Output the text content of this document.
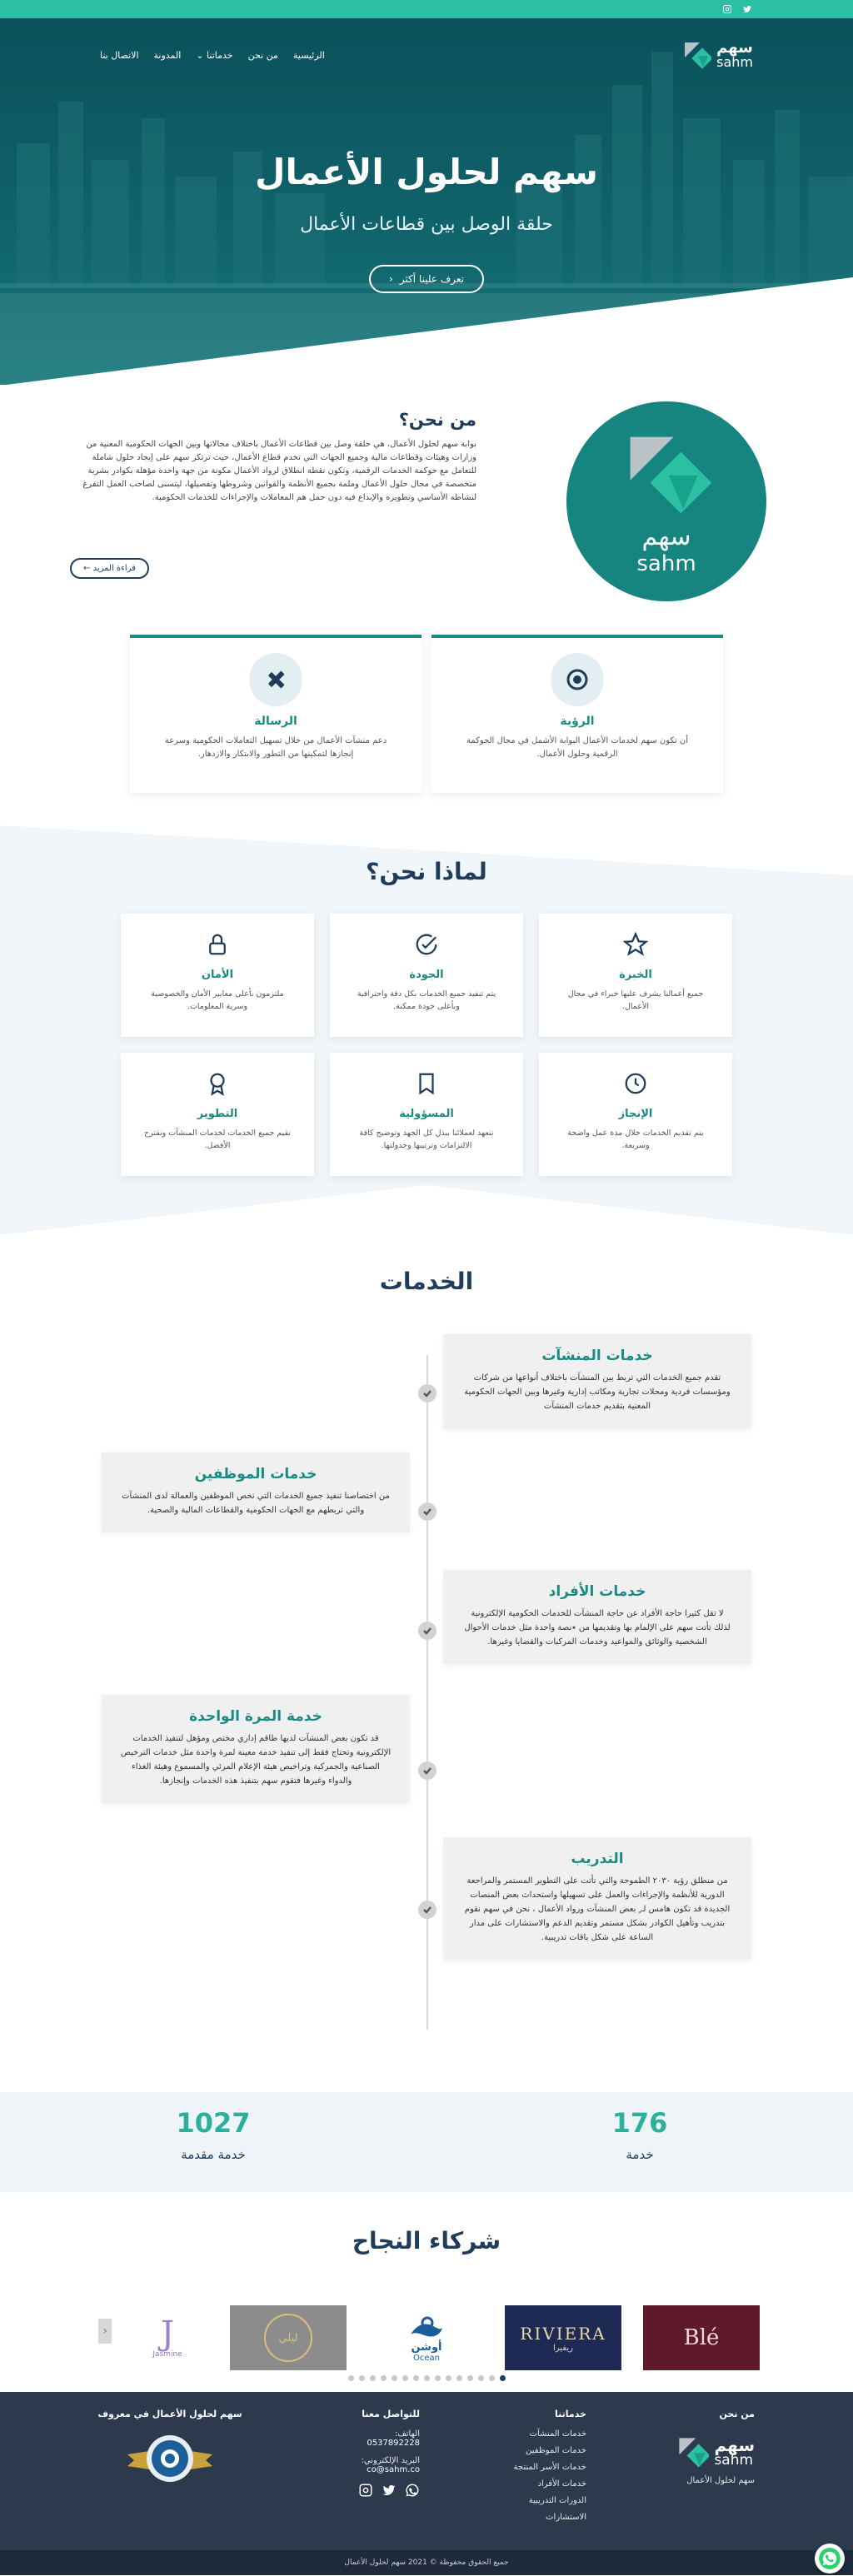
سهم
sahm
الرئيسية
من نحن
خدماتنا ⌄
المدونة
الاتصال بنا
سهم لحلول الأعمال
حلقة الوصل بين قطاعات الأعمال
تعرف علينا أكثر
‹
سهم
sahm
من نحن؟
بوابة سهم لحلول الأعمال، هي حلقة وصل بين قطاعات الأعمال باختلاف مجالاتها وبين الجهات الحكومية المعنية من وزارات وهيئات وقطاعات مالية وجميع الجهات التي تخدم قطاع الأعمال، حيث ترتكز سهم على إيجاد حلول شاملة للتعامل مع حوكمة الخدمات الرقمية، وتكون نقطة انطلاق لرواد الأعمال مكونة من جهة واحدة مؤهلة بكوادر بشرية متخصصة في مجال حلول الأعمال وملمة بجميع الأنظمة والقوانين وشروطها وتفصيلها، ليتسنى لصاحب العمل التفرغ لنشاطه الأساسي وتطويره والإبداع فيه دون حمل هم المعاملات والإجراءات للخدمات الحكومية.
قراءة المزيد ←
الرؤية
أن تكون سهم لخدمات الأعمال البوابة الأشمل في مجال الحوكمة الرقمية وحلول الأعمال.
الرسالة
دعم منشآت الأعمال من خلال تسهيل التعاملات الحكومية وسرعة إنجازها لتمكينها من التطور والابتكار والازدهار.
لماذا نحن؟
الخبرة
جميع أعمالنا يشرف عليها خبراء في مجال الأعمال.
الجودة
يتم تنفيذ جميع الخدمات بكل دقة واحترافية وبأعلى جودة ممكنة.
الأمان
ملتزمون بأعلى معايير الأمان والخصوصية وسرية المعلومات.
الإنجاز
يتم تقديم الخدمات خلال مدة عمل واضحة وسريعة.
المسؤولية
نتعهد لعملائنا ببذل كل الجهد وتوضيح كافة الالتزامات وترتيبها وجدولتها.
التطوير
نقيم جميع الخدمات لخدمات المنشآت ونقترح الأفضل.
الخدمات
خدمات المنشآت
تقدم جميع الخدمات التي تربط بين المنشآت باختلاف أنواعها من شركات ومؤسسات فردية ومحلات تجارية ومكاتب إدارية وغيرها وبين الجهات الحكومية المعنية بتقديم خدمات المنشآت
خدمات الموظفين
من اختصاصنا تنفيذ جميع الخدمات التي تخص الموظفين والعمالة لدى المنشآت والتي تربطهم مع الجهات الحكومية والقطاعات المالية والصحية.
خدمات الأفراد
لا تقل كثيرا حاجة الأفراد عن حاجة المنشآت للخدمات الحكومية الإلكترونية لذلك تأتت سهم على الإلمام بها وتقديمها من ٭نصة واحدة مثل خدمات الأحوال الشخصية والوثائق والمواعيد وخدمات المركبات والقضايا وغيرها.
خدمة المرة الواحدة
قد تكون بعض المنشآت لديها طاقم إداري مختص ومؤهل لتنفيذ الخدمات الإلكترونية وتحتاج فقط إلى تنفيذ خدمة معينة لمرة واحدة مثل خدمات الترخيص الصناعية والجمركية وتراخيص هيئة الإعلام المرئي والمسموع وهيئة الغذاء والدواء وغيرها فتقوم سهم بتنفيذ هذه الخدمات وإنجازها.
التدريب
من منطلق رؤية ٢٠٣٠ الطموحة والتي تأتت على التطوير المستمر والمراجعة الدورية للأنظمة والإجراءات والعمل على تسهيلها واستحداث بعض المنصات الجديدة قد تكون هامس لـ ٍ بعض المنشآت ورواد الأعمال ، نحن في سهم نقوم بتدريب وتأهيل الكوادر بشكل مستمر وتقديم الدعم والاستشارات على مدار الساعة على شكل باقات تدريبية.
176
خدمة
1027
خدمة مقدمة
شركاء النجاح
‹	Blé
RIVIERA
ريفيرا
أوشن
Ocean
ليلي
J
Jasmine
من نحن
سهم
sahm
سهم لحلول الأعمال
خدماتنا
خدمات المنشآت
خدمات الموظفين
خدمات الأسر المنتجة
خدمات الأفراد
الدورات التدريبية
الاستشارات
للتواصل معنا
الهاتف:
0537892228
البريد الإلكتروني:
co@sahm.co
سهم لحلول الأعمال في معروف
جميع الحقوق محفوظة © 2021 سهم لحلول الأعمال
